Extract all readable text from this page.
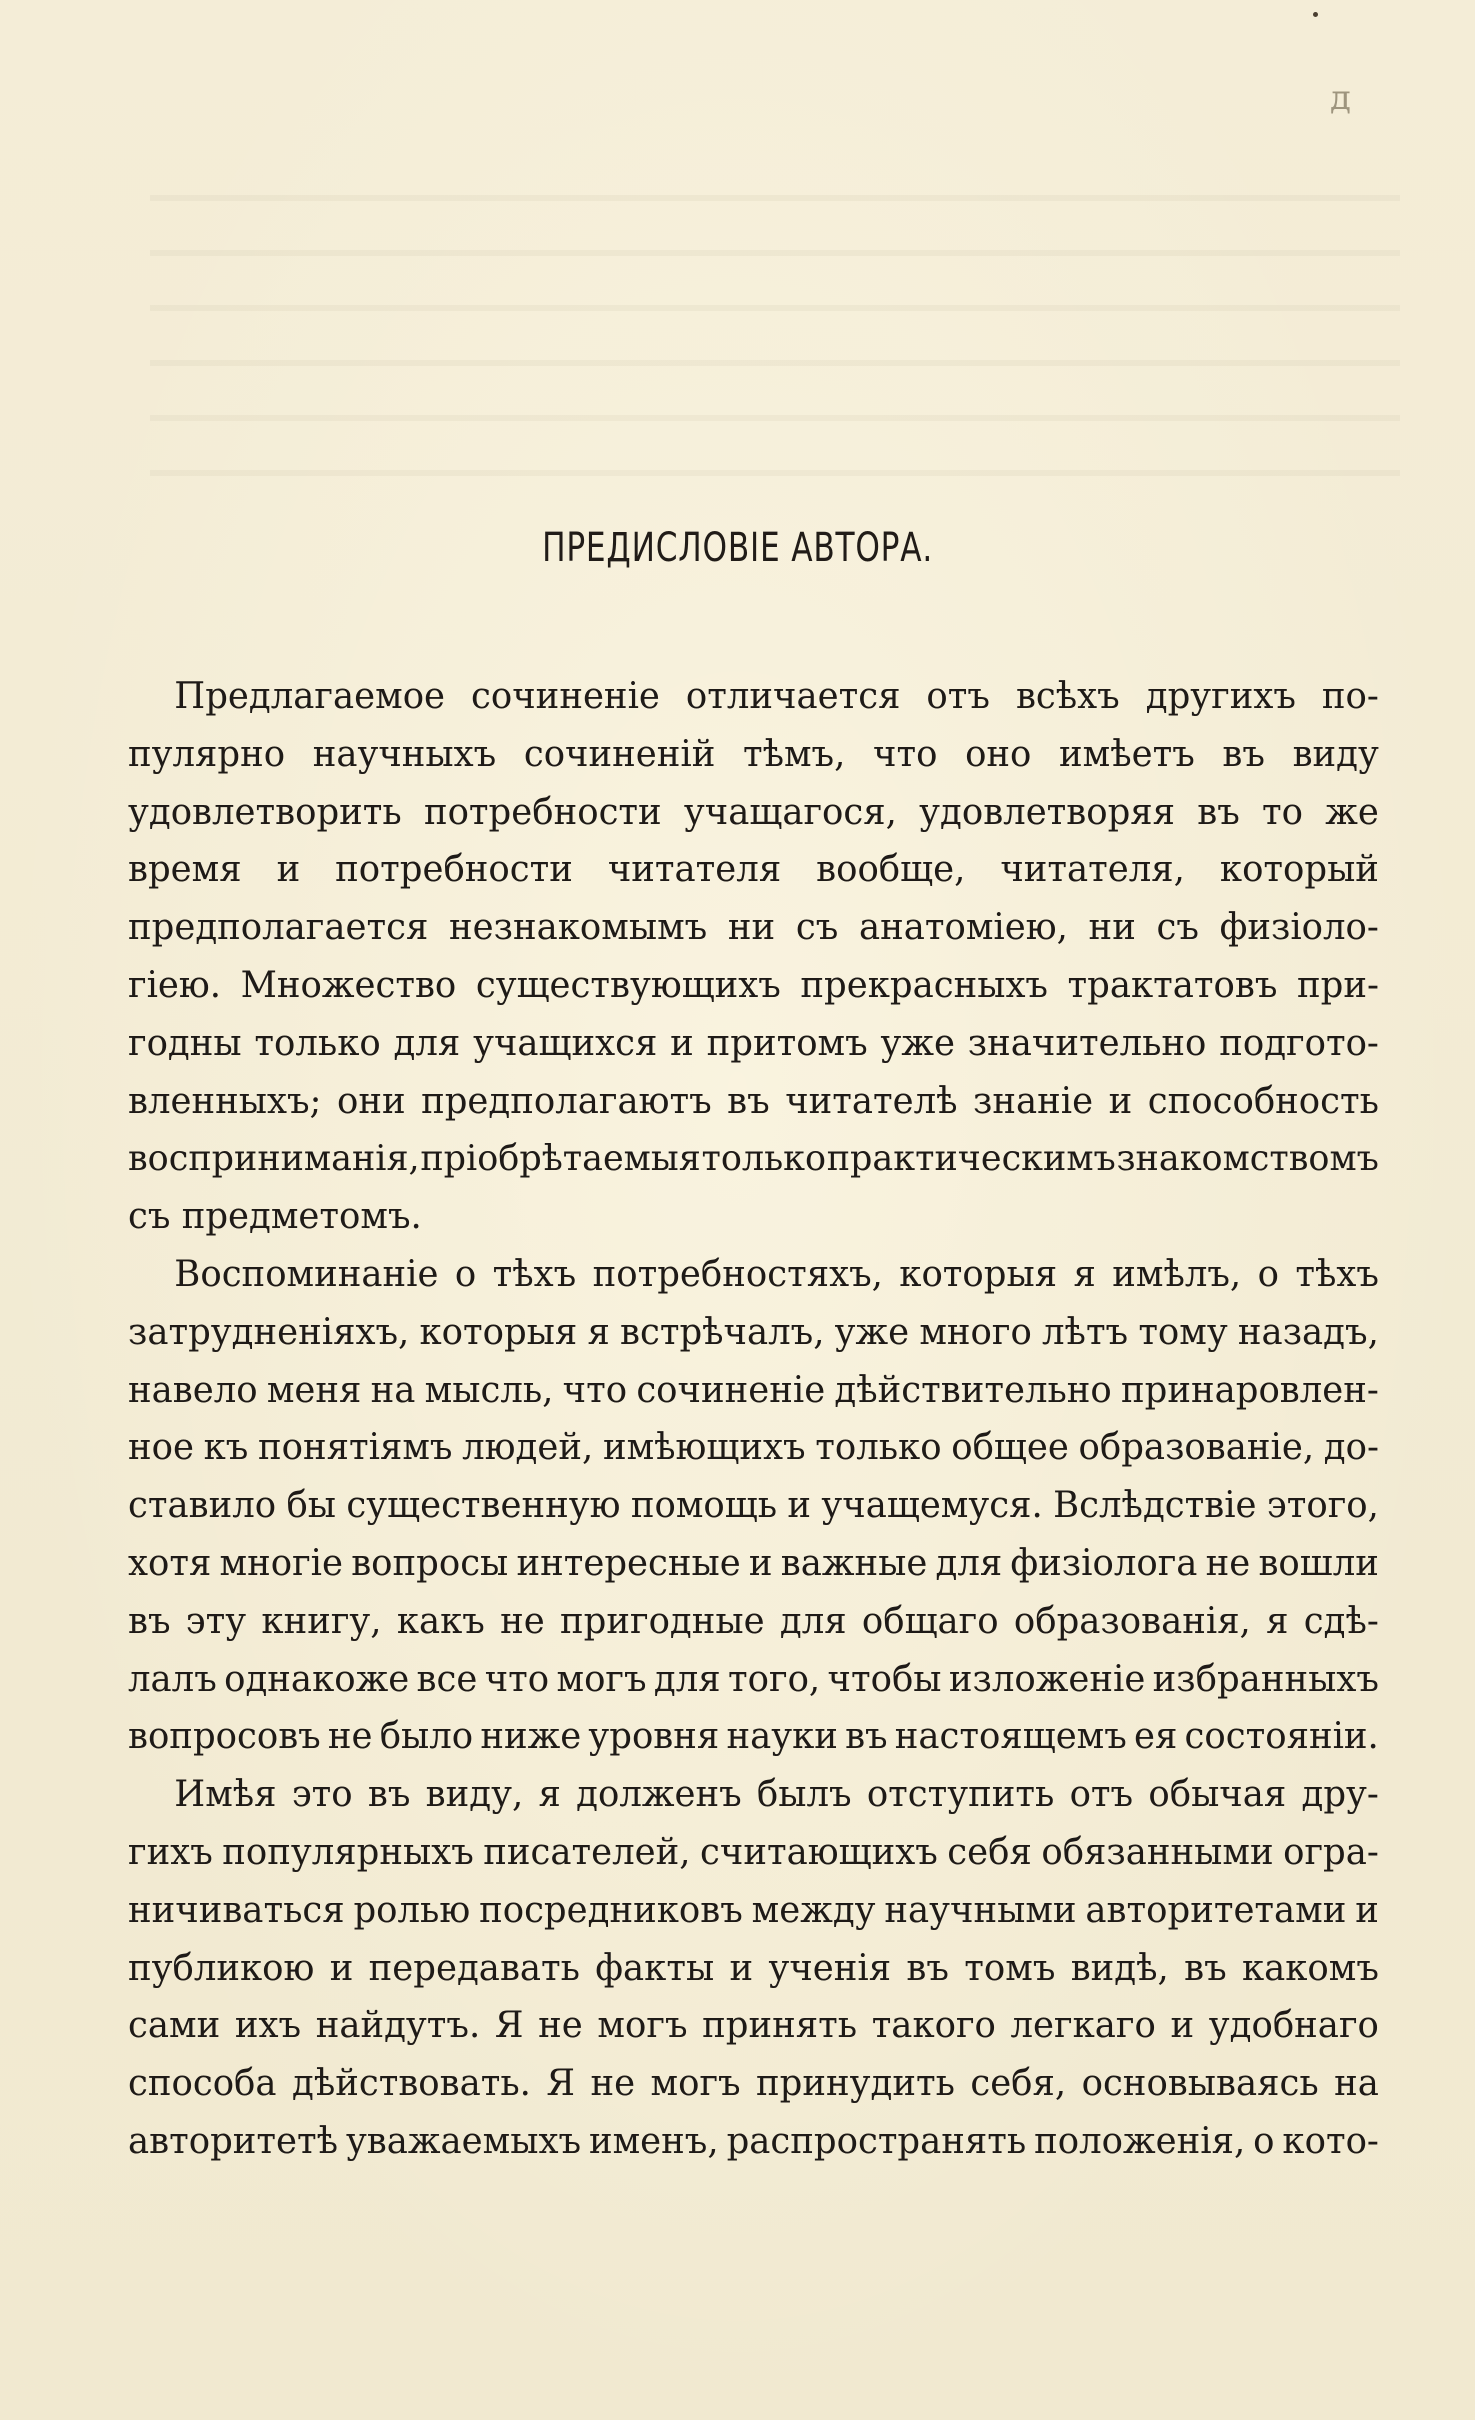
д
ПРЕДИСЛОВІЕ АВТОРА.
Предлагаемое сочиненіе отличается отъ всѣхъ другихъ по-
пулярно научныхъ сочиненій тѣмъ, что оно имѣетъ въ виду
удовлетворить потребности учащагося, удовлетворяя въ то же
время и потребности читателя вообще, читателя, который
предполагается незнакомымъ ни съ анатоміею, ни съ физіоло-
гіею. Множество существующихъ прекрасныхъ трактатовъ при-
годны только для учащихся и притомъ уже значительно подгото-
вленныхъ; они предполагаютъ въ читателѣ знаніе и способность
воспринимaнія, пріобрѣтаемыя только практическимъ знакомствомъ
съ предметомъ.
Воспоминаніе о тѣхъ потребностяхъ, которыя я имѣлъ, о тѣхъ
затрудненіяхъ, которыя я встрѣчалъ, уже много лѣтъ тому назадъ,
навело меня на мысль, что сочиненіе дѣйствительно принаровлен-
ное къ понятіямъ людей, имѣющихъ только общее образованіе, до-
ставило бы существенную помощь и учащемуся. Вслѣдствіе этого,
хотя многіе вопросы интересные и важные для физіолога не вошли
въ эту книгу, какъ не пригодные для общаго образованія, я сдѣ-
лалъ однакоже все что могъ для того, чтобы изложеніе избранныхъ
вопросовъ не было ниже уровня науки въ настоящемъ ея состояніи.
Имѣя это въ виду, я долженъ былъ отступить отъ обычая дру-
гихъ популярныхъ писателей, считающихъ себя обязанными огра-
ничиваться ролью посредниковъ между научными авторитетами и
публикою и передавать факты и ученія въ томъ видѣ, въ какомъ
сами ихъ найдутъ. Я не могъ принять такого легкаго и удобнаго
способа дѣйствовать. Я не могъ принудить себя, основываясь на
авторитетѣ уважаемыхъ именъ, распространять положенія, о кото-
